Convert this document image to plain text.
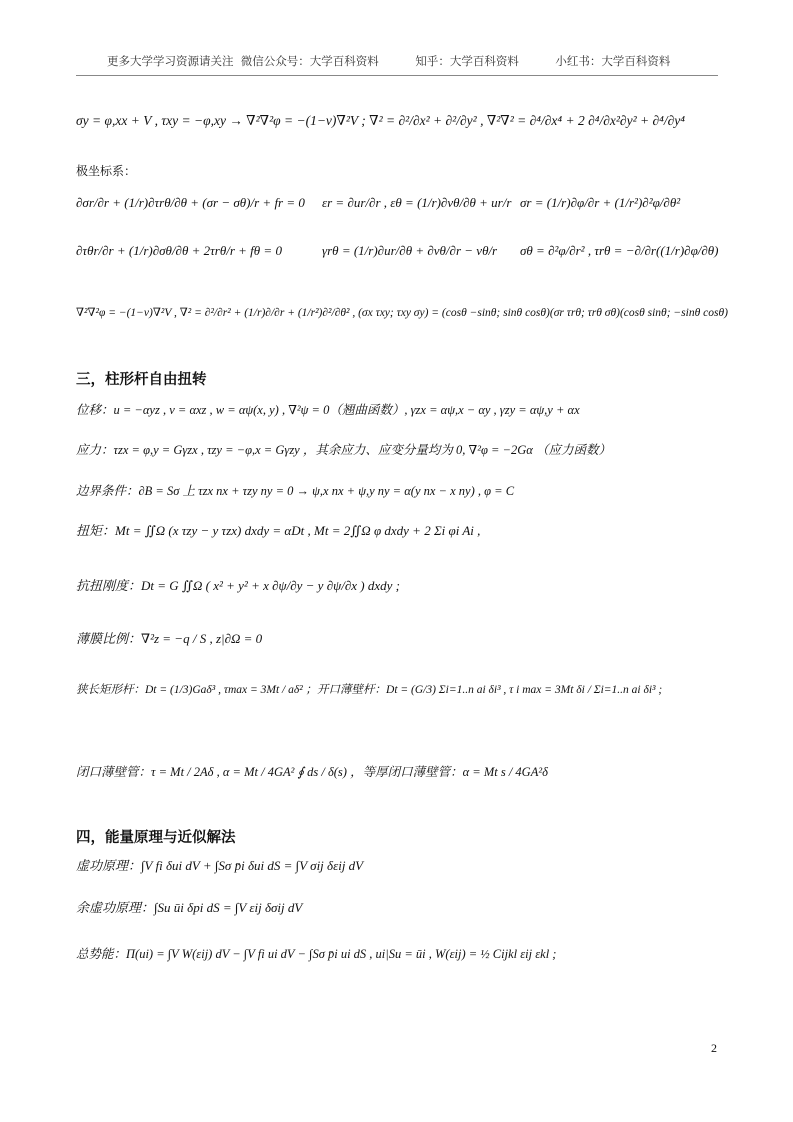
更多大学学习资源请关注  微信公众号：大学百科资料          知乎：大学百科资料          小红书：大学百科资料
σy = φ,xx + V , τxy = −φ,xy → ∇²∇²φ = −(1−ν)∇²V ; ∇² = ∂²/∂x² + ∂²/∂y² , ∇²∇² = ∂⁴/∂x⁴ + 2 ∂⁴/∂x²∂y² + ∂⁴/∂y⁴
极坐标系：
∂σr/∂r + (1/r)∂τrθ/∂θ + (σr − σθ)/r + fr = 0 εr = ∂ur/∂r , εθ = (1/r)∂vθ/∂θ + ur/r σr = (1/r)∂φ/∂r + (1/r²)∂²φ/∂θ²
∂τθr/∂r + (1/r)∂σθ/∂θ + 2τrθ/r + fθ = 0	γrθ = (1/r)∂ur/∂θ + ∂vθ/∂r − vθ/r σθ = ∂²φ/∂r² , τrθ = −∂/∂r((1/r)∂φ/∂θ)
∇²∇²φ = −(1−ν)∇²V , ∇² = ∂²/∂r² + (1/r)∂/∂r + (1/r²)∂²/∂θ² , (σx τxy; τxy σy) = (cosθ −sinθ; sinθ cosθ)(σr τrθ; τrθ σθ)(cosθ sinθ; −sinθ cosθ)
三，柱形杆自由扭转
位移：u = −αyz , v = αxz , w = αψ(x, y) , ∇²ψ = 0（翘曲函数）, γzx = αψ,x − αy , γzy = αψ,y + αx
应力：τzx = φ,y = Gγzx , τzy = −φ,x = Gγzy ，其余应力、应变分量均为 0, ∇²φ = −2Gα （应力函数）
边界条件：∂B = Sσ 上 τzx nx + τzy ny = 0 → ψ,x nx + ψ,y ny = α(y nx − x ny) , φ = C
扭矩：Mt = ∬Ω (x τzy − y τzx) dxdy = αDt , Mt = 2∬Ω φ dxdy + 2 Σi φi Ai ,
抗扭刚度：Dt = G ∬Ω ( x² + y² + x ∂ψ/∂y − y ∂ψ/∂x ) dxdy ;
薄膜比例：∇²z = −q / S , z|∂Ω = 0
狭长矩形杆：Dt = (1/3)Gaδ³ , τmax = 3Mt / aδ² ；开口薄壁杆：Dt = (G/3) Σi=1..n ai δi³ , τ i max = 3Mt δi / Σi=1..n ai δi³ ;
闭口薄壁管：τ = Mt / 2Aδ , α = Mt / 4GA² ∮ ds / δ(s) ，等厚闭口薄壁管：α = Mt s / 4GA²δ
四，能量原理与近似解法
虚功原理：∫V fi δui dV + ∫Sσ p̄i δui dS = ∫V σij δεij dV
余虚功原理：∫Su ūi δpi dS = ∫V εij δσij dV
总势能：Π(ui) = ∫V W(εij) dV − ∫V fi ui dV − ∫Sσ p̄i ui dS , ui|Su = ūi , W(εij) = ½ Cijkl εij εkl ;
2
